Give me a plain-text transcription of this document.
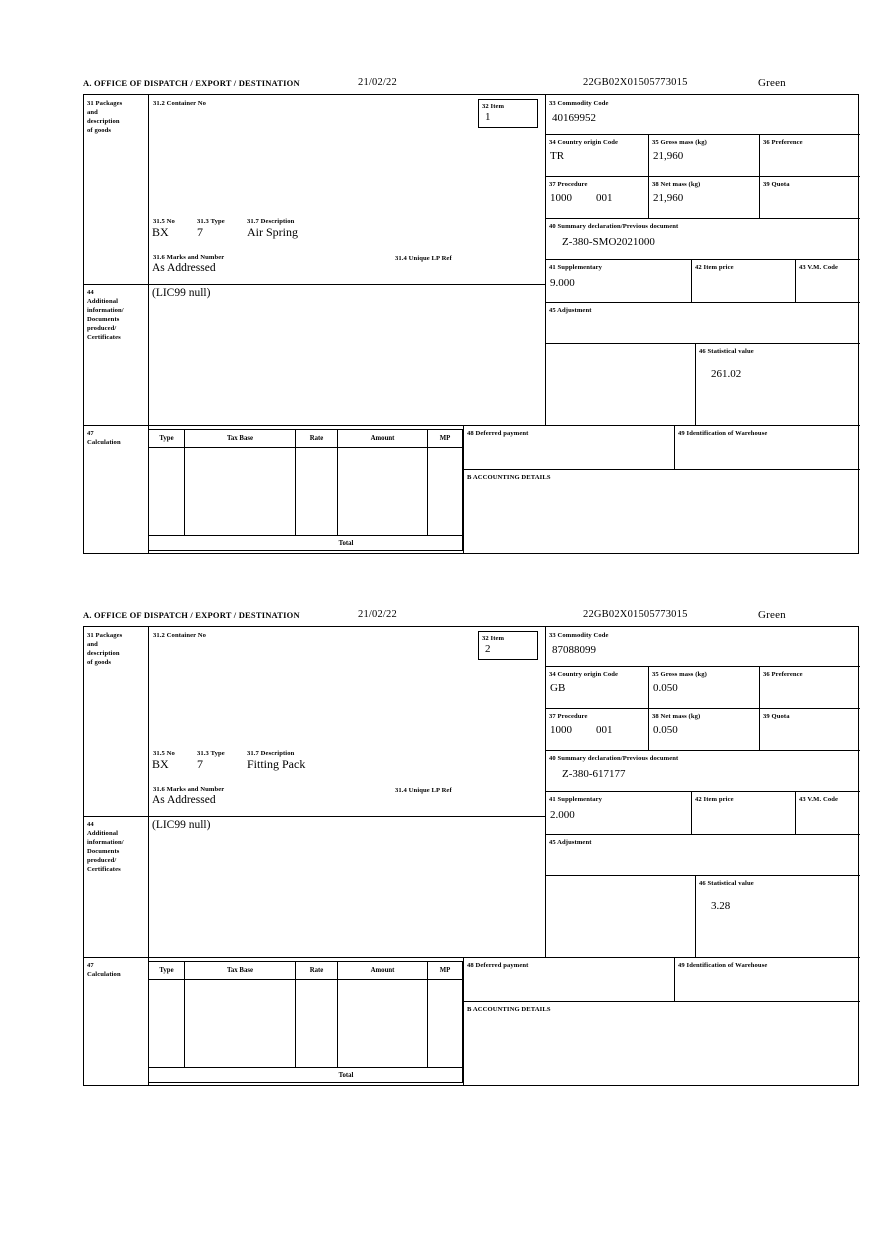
A. OFFICE OF DISPATCH / EXPORT / DESTINATION	21/02/22	22GB02X01505773015	Green
31 Packages
and
description
of goods
31.2 Container No
31.5 No	31.3 Type	31.7 Description
BX 7	Air Spring
31.6 Marks and Number	31.4 Unique LP Ref
As Addressed
32 Item
1
33 Commodity Code
40169952
34 Country origin Code
TR
35 Gross mass (kg)
21,960
36 Preference
37 Procedure
1000 001
38 Net mass (kg)
21,960
39 Quota
40 Summary declaration/Previous document
Z-380-SMO2021000
41 Supplementary
9.000
42 Item price	43 V.M. Code
45 Adjustment
46 Statistical value
261.02
44
Additional
information/
Documents
produced/
Certificates
(LIC99 null)
47
Calculation
Type	Tax Base	Rate	Amount	MP
Total
48 Deferred payment	49 Identification of Warehouse
B ACCOUNTING DETAILS
A. OFFICE OF DISPATCH / EXPORT / DESTINATION	21/02/22	22GB02X01505773015	Green
31 Packages
and
description
of goods
31.2 Container No
31.5 No	31.3 Type	31.7 Description
BX 7	Fitting Pack
31.6 Marks and Number	31.4 Unique LP Ref
As Addressed
32 Item
2
33 Commodity Code
87088099
34 Country origin Code
GB
35 Gross mass (kg)
0.050
36 Preference
37 Procedure
1000 001
38 Net mass (kg)
0.050
39 Quota
40 Summary declaration/Previous document
Z-380-617177
41 Supplementary
2.000
42 Item price	43 V.M. Code
45 Adjustment
46 Statistical value
3.28
44
Additional
information/
Documents
produced/
Certificates
(LIC99 null)
47
Calculation
Type	Tax Base	Rate	Amount	MP
Total
48 Deferred payment	49 Identification of Warehouse
B ACCOUNTING DETAILS
